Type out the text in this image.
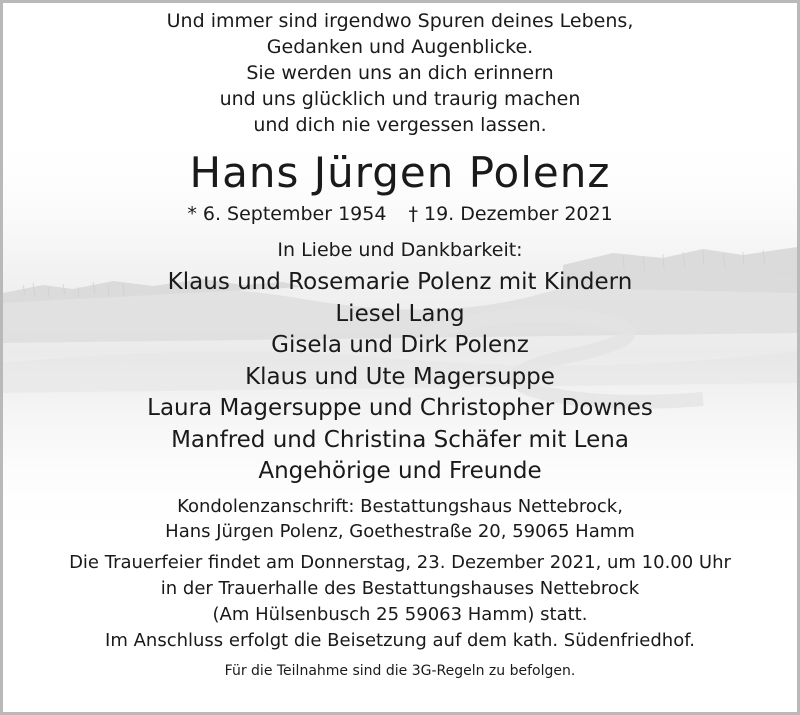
Und immer sind irgendwo Spuren deines Lebens,
Gedanken und Augenblicke.
Sie werden uns an dich erinnern
und uns glücklich und traurig machen
und dich nie vergessen lassen.
Hans Jürgen Polenz
* 6. September 1954 † 19. Dezember 2021
In Liebe und Dankbarkeit:
Klaus und Rosemarie Polenz mit Kindern
Liesel Lang
Gisela und Dirk Polenz
Klaus und Ute Magersuppe
Laura Magersuppe und Christopher Downes
Manfred und Christina Schäfer mit Lena
Angehörige und Freunde
Kondolenzanschrift: Bestattungshaus Nettebrock,
Hans Jürgen Polenz, Goethestraße 20, 59065 Hamm
Die Trauerfeier findet am Donnerstag, 23. Dezember 2021, um 10.00 Uhr
in der Trauerhalle des Bestattungshauses Nettebrock
(Am Hülsenbusch 25 59063 Hamm) statt.
Im Anschluss erfolgt die Beisetzung auf dem kath. Südenfriedhof.
Für die Teilnahme sind die 3G-Regeln zu befolgen.
